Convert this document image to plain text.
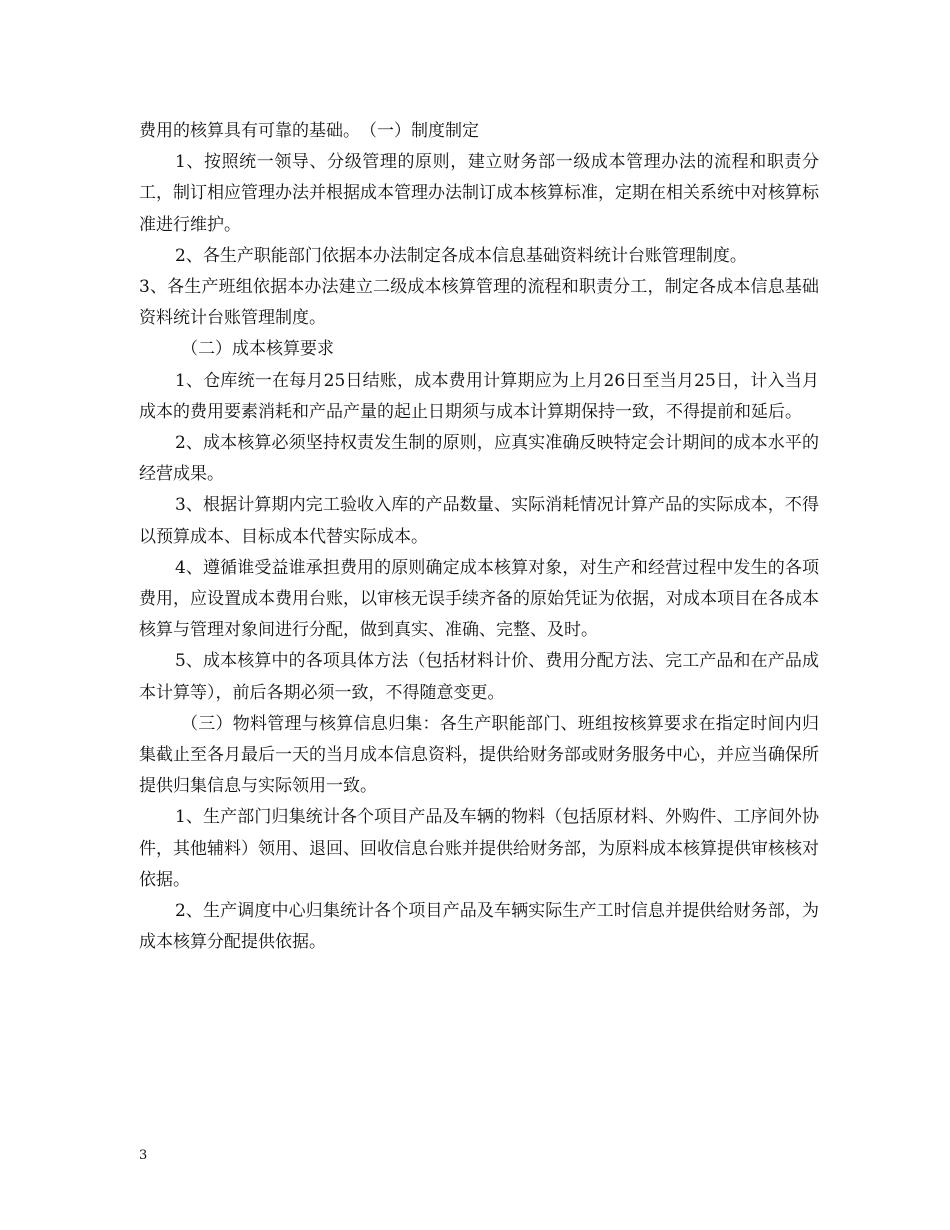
费用的核算具有可靠的基础。　（一）制度制定

1、按照统一领导、分级管理的原则，建立财务部一级成本管理办法的流程和职责分工，制订相应管理办法并根据成本管理办法制订成本核算标准，定期在相关系统中对核算标准进行维护。

2、各生产职能部门依据本办法制定各成本信息基础资料统计台账管理制度。

3、各生产班组依据本办法建立二级成本核算管理的流程和职责分工，制定各成本信息基础资料统计台账管理制度。

（二）成本核算要求

1、仓库统一在每月25日结账，成本费用计算期应为上月26日至当月25日，计入当月成本的费用要素消耗和产品产量的起止日期须与成本计算期保持一致，不得提前和延后。

2、成本核算必须坚持权责发生制的原则，应真实准确反映特定会计期间的成本水平的经营成果。

3、根据计算期内完工验收入库的产品数量、实际消耗情况计算产品的实际成本，不得以预算成本、目标成本代替实际成本。

4、遵循谁受益谁承担费用的原则确定成本核算对象，对生产和经营过程中发生的各项费用，应设置成本费用台账，以审核无误手续齐备的原始凭证为依据，对成本项目在各成本核算与管理对象间进行分配，做到真实、准确、完整、及时。

5、成本核算中的各项具体方法（包括材料计价、费用分配方法、完工产品和在产品成本计算等），前后各期必须一致，不得随意变更。

（三）物料管理与核算信息归集：各生产职能部门、班组按核算要求在指定时间内归集截止至各月最后一天的当月成本信息资料，提供给财务部或财务服务中心，并应当确保所提供归集信息与实际领用一致。

1、生产部门归集统计各个项目产品及车辆的物料（包括原材料、外购件、工序间外协件，其他辅料）领用、退回、回收信息台账并提供给财务部，为原料成本核算提供审核核对依据。

2、生产调度中心归集统计各个项目产品及车辆实际生产工时信息并提供给财务部，为成本核算分配提供依据。

3
